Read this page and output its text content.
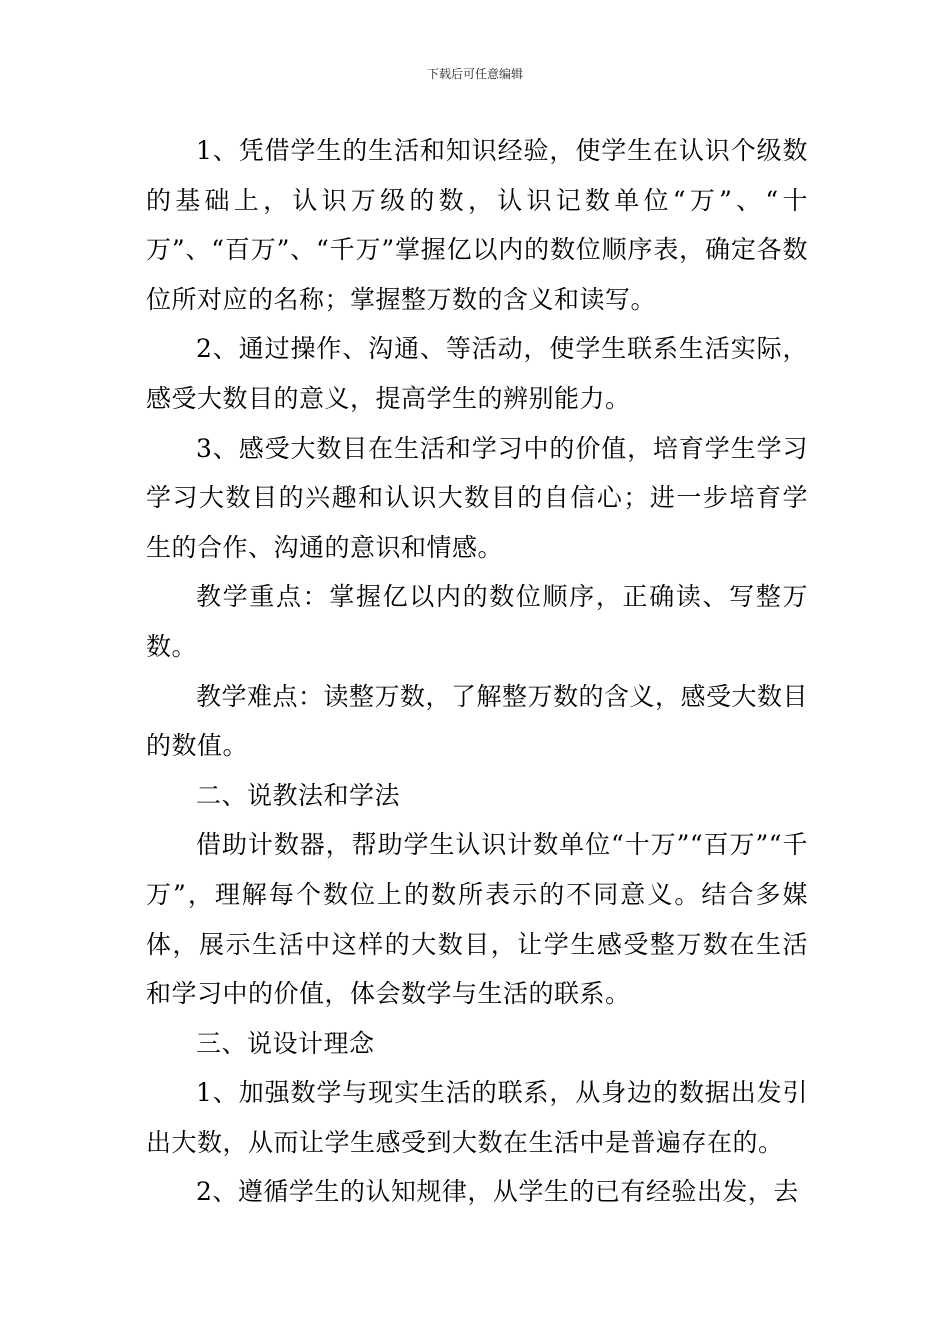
下载后可任意编辑

1、凭借学生的生活和知识经验，使学生在认识个级数的基础上，认识万级的数，认识记数单位“万”、“十万”、“百万”、“千万”掌握亿以内的数位顺序表，确定各数位所对应的名称；掌握整万数的含义和读写。

2、通过操作、沟通、等活动，使学生联系生活实际，感受大数目的意义，提高学生的辨别能力。

3、感受大数目在生活和学习中的价值，培育学生学习学习大数目的兴趣和认识大数目的自信心；进一步培育学生的合作、沟通的意识和情感。

教学重点：掌握亿以内的数位顺序，正确读、写整万数。

教学难点：读整万数，了解整万数的含义，感受大数目的数值。

二、说教法和学法

借助计数器，帮助学生认识计数单位“十万”“百万”“千万”，理解每个数位上的数所表示的不同意义。结合多媒体，展示生活中这样的大数目，让学生感受整万数在生活和学习中的价值，体会数学与生活的联系。

三、说设计理念

1、加强数学与现实生活的联系，从身边的数据出发引出大数，从而让学生感受到大数在生活中是普遍存在的。

2、遵循学生的认知规律，从学生的已有经验出发，去
